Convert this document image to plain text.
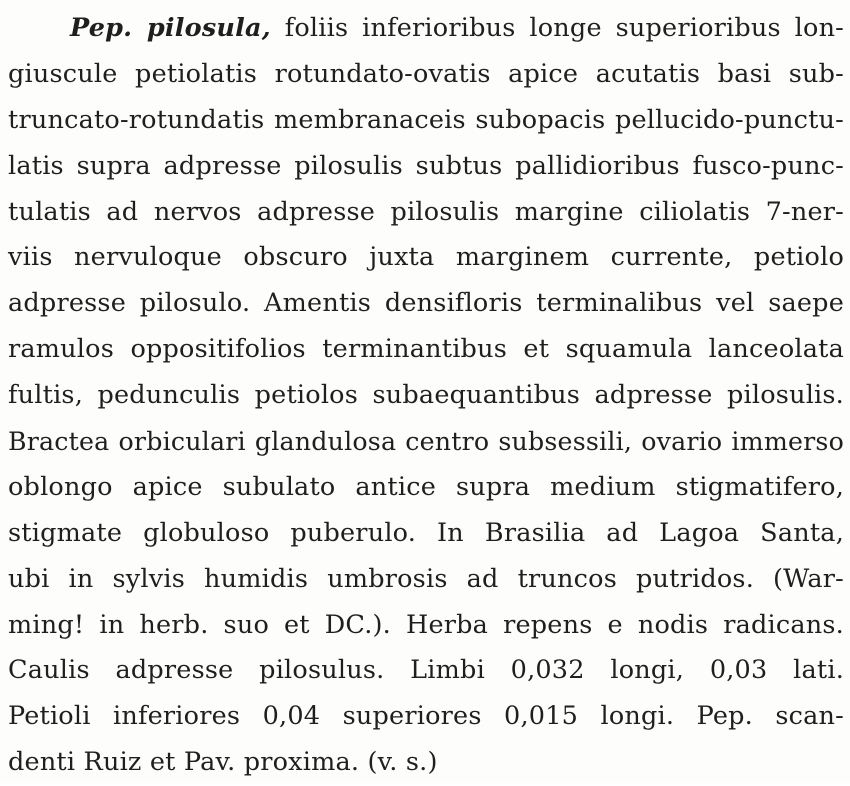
Pep. pilosula, foliis inferioribus longe superioribus lon-
giuscule petiolatis rotundato-ovatis apice acutatis basi sub-
truncato-rotundatis membranaceis subopacis pellucido-punctu-
latis supra adpresse pilosulis subtus pallidioribus fusco-punc-
tulatis ad nervos adpresse pilosulis margine ciliolatis 7-ner-
viis nervuloque obscuro juxta marginem currente, petiolo
adpresse pilosulo. Amentis densifloris terminalibus vel saepe
ramulos oppositifolios terminantibus et squamula lanceolata
fultis, pedunculis petiolos subaequantibus adpresse pilosulis.
Bractea orbiculari glandulosa centro subsessili, ovario immerso
oblongo apice subulato antice supra medium stigmatifero,
stigmate globuloso puberulo. In Brasilia ad Lagoa Santa,
ubi in sylvis humidis umbrosis ad truncos putridos. (War-
ming! in herb. suo et DC.). Herba repens e nodis radicans.
Caulis adpresse pilosulus. Limbi 0,032 longi, 0,03 lati.
Petioli inferiores 0,04 superiores 0,015 longi. Pep. scan-
denti Ruiz et Pav. proxima. (v. s.)
